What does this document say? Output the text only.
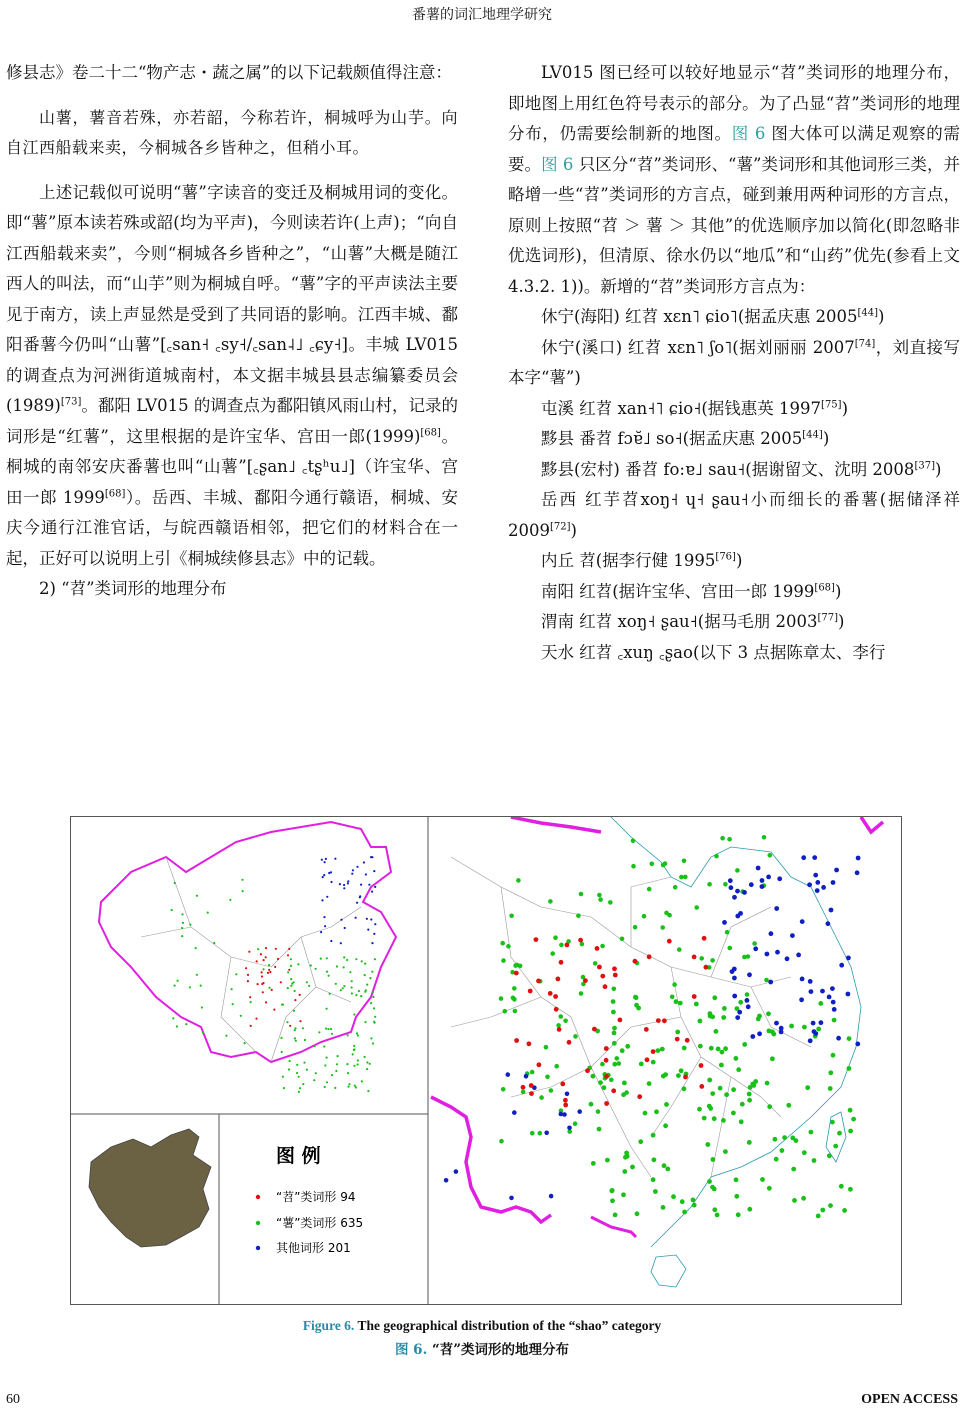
番薯的词汇地理学研究

修县志》卷二十二“物产志・蔬之属”的以下记载颇值得注意：

山薯，薯音若殊，亦若韶，今称若许，桐城呼为山芋。向自江西船载来卖，今桐城各乡皆种之，但稍小耳。

上述记载似可说明“薯”字读音的变迁及桐城用词的变化。即“薯”原本读若殊或韶(均为平声)，今则读若许(上声)；“向自江西船载来卖”，今则“桐城各乡皆种之”，“山薯”大概是随江西人的叫法，而“山芋”则为桐城自呼。“薯”字的平声读法主要见于南方，读上声显然是受到了共同语的影响。江西丰城、鄱阳番薯今仍叫“山薯”[꜀san˧ ꜀sy˧/꜀san˨˩ ꜀ɕy˧]。丰城 LV015 的调查点为河洲街道城南村，本文据丰城县县志编纂委员会(1989)[73]。鄱阳 LV015 的调查点为鄱阳镇风雨山村，记录的词形是“红薯”，这里根据的是许宝华、宫田一郎(1999)[68]。桐城的南邻安庆番薯也叫“山薯”[꜀ʂan˩ ꜀tʂʰu˩]（许宝华、宫田一郎 1999[68]）。岳西、丰城、鄱阳今通行赣语，桐城、安庆今通行江淮官话，与皖西赣语相邻，把它们的材料合在一起，正好可以说明上引《桐城续修县志》中的记载。

2) “苕”类词形的地理分布

LV015 图已经可以较好地显示“苕”类词形的地理分布，即地图上用红色符号表示的部分。为了凸显“苕”类词形的地理分布，仍需要绘制新的地图。图 6 图大体可以满足观察的需要。图 6 只区分“苕”类词形、“薯”类词形和其他词形三类，并略增一些“苕”类词形的方言点，碰到兼用两种词形的方言点，原则上按照“苕 ＞ 薯 ＞ 其他”的优选顺序加以简化(即忽略非优选词形)，但清原、徐水仍以“地瓜”和“山药”优先(参看上文 4.3.2. 1))。新增的“苕”类词形方言点为：

休宁(海阳) 红苕 xɛn˥ ɕio˥(据孟庆惠 2005[44])

休宁(溪口) 红苕 xɛn˥ ʃo˥(据刘丽丽 2007[74]，刘直接写本字“薯”)

屯溪 红苕 xan˧˥ ɕio˧(据钱惠英 1997[75])

黟县 番苕 fɔɐ̆˩ so˧(据孟庆惠 2005[44])

黟县(宏村) 番苕 fo:ɐ˩ sau˧(据谢留文、沈明 2008[37])

岳西 红芋苕xoŋ˧ ɥ˧ ʂau˧小而细长的番薯(据储泽祥 2009[72])

内丘 苕(据李行健 1995[76])

南阳 红苕(据许宝华、宫田一郎 1999[68])

渭南 红苕 xoŋ˧ ʂau˧(据马毛朋 2003[77])

天水 红苕 ꜀xuŋ ꜀ʂao(以下 3 点据陈章太、李行

图 例
“苕”类词形 94
“薯”类词形 635
其他词形 201
Figure 6. The geographical distribution of the “shao” category
图 6. “苕”类词形的地理分布
60	OPEN ACCESS
